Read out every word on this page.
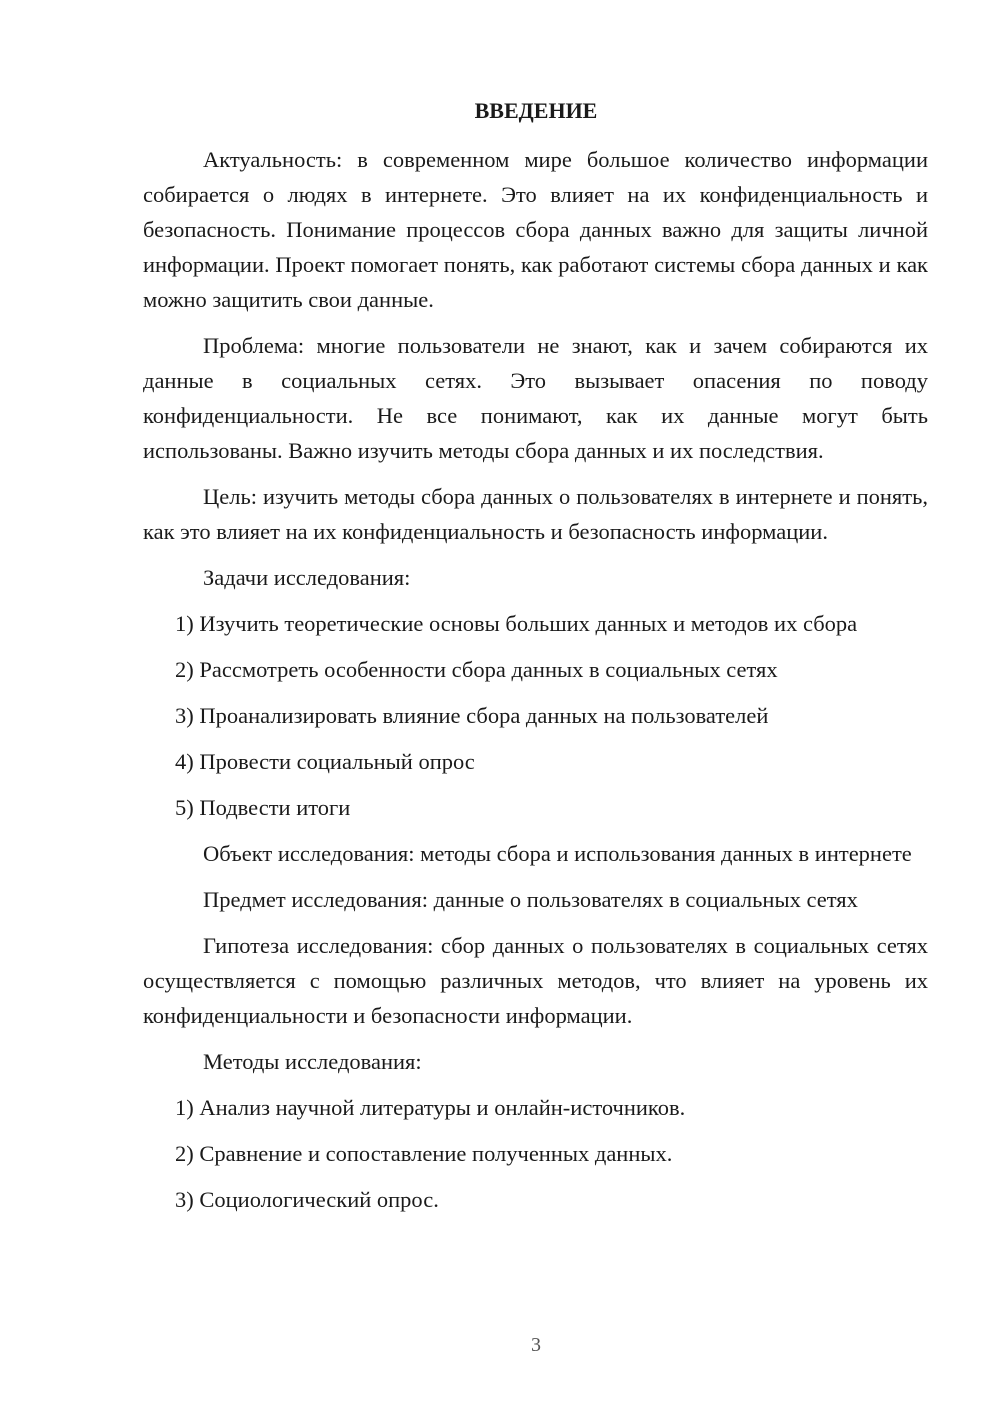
ВВЕДЕНИЕ

Актуальность: в современном мире большое количество информации собирается о людях в интернете. Это влияет на их конфиденциальность и безопасность. Понимание процессов сбора данных важно для защиты личной информации. Проект помогает понять, как работают системы сбора данных и как можно защитить свои данные.

Проблема: многие пользователи не знают, как и зачем собираются их данные в социальных сетях. Это вызывает опасения по поводу конфиденциальности. Не все понимают, как их данные могут быть использованы. Важно изучить методы сбора данных и их последствия.

Цель: изучить методы сбора данных о пользователях в интернете и понять, как это влияет на их конфиденциальность и безопасность информации.

Задачи исследования:

1) Изучить теоретические основы больших данных и методов их сбора

2) Рассмотреть особенности сбора данных в социальных сетях

3) Проанализировать влияние сбора данных на пользователей

4) Провести социальный опрос

5) Подвести итоги

Объект исследования: методы сбора и использования данных в интернете

Предмет исследования: данные о пользователях в социальных сетях

Гипотеза исследования: сбор данных о пользователях в социальных сетях осуществляется с помощью различных методов, что влияет на уровень их конфиденциальности и безопасности информации.

Методы исследования:

1) Анализ научной литературы и онлайн-источников.

2) Сравнение и сопоставление полученных данных.

3) Социологический опрос.

3
